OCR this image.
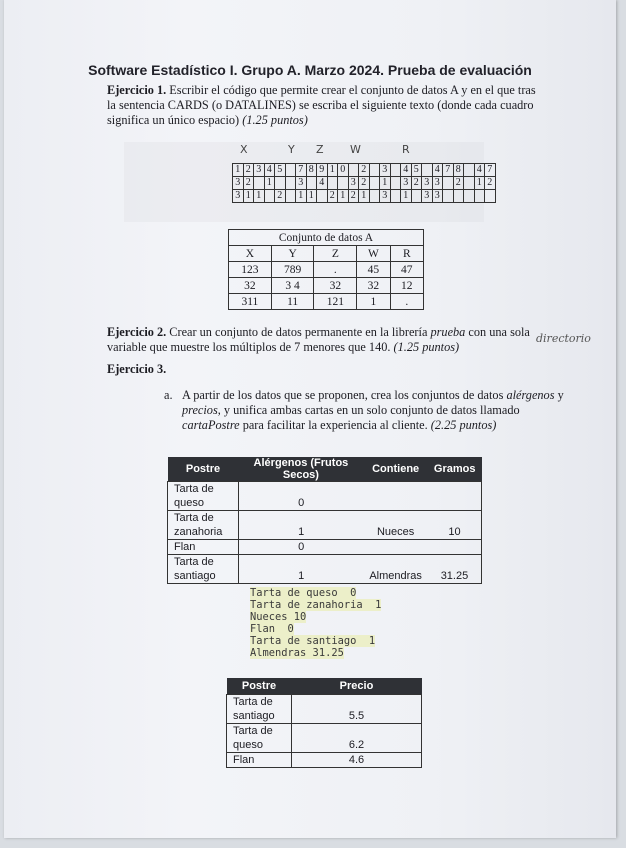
Software Estadístico I. Grupo A. Marzo 2024. Prueba de evaluación
Ejercicio 1. Escribir el código que permite crear el conjunto de datos A y en el que tras la sentencia CARDS (o DATALINES) se escriba el siguiente texto (donde cada cuadro significa un único espacio) (1.25 puntos)
X	Y Z W	R
1	2	3	4	5		7	8	9	1	0		2		3		4	5		4	7	8		4	7
3	2		1			3		4			3	2		1		3	2	3	3		2		1	2
3	1	1		2		1	1		2	1	2	1		3		1		3	3					
Conjunto de datos A				
X	Y	Z	W	R
123	789	.	45	47
32	3 4	32	32	12
311	11	121	1	.
Ejercicio 2. Crear un conjunto de datos permanente en la librería prueba con una sola variable que muestre los múltiplos de 7 menores que 140. (1.25 puntos)
directorio
Ejercicio 3.
a. A partir de los datos que se proponen, crea los conjuntos de datos alérgenos y precios, y unifica ambas cartas en un solo conjunto de datos llamado cartaPostre para facilitar la experiencia al cliente. (2.25 puntos)
Postre	Alérgenos (Frutos Secos)	Contiene	Gramos
Tarta de queso	0		
Tarta de zanahoria	1	Nueces	10
Flan	0		
Tarta de santiago	1	Almendras	31.25
Tarta de queso  0
Tarta de zanahoria  1
Nueces 10
Flan  0
Tarta de santiago  1
Almendras 31.25
Postre	Precio
Tarta de santiago	5.5
Tarta de queso	6.2
Flan	4.6
